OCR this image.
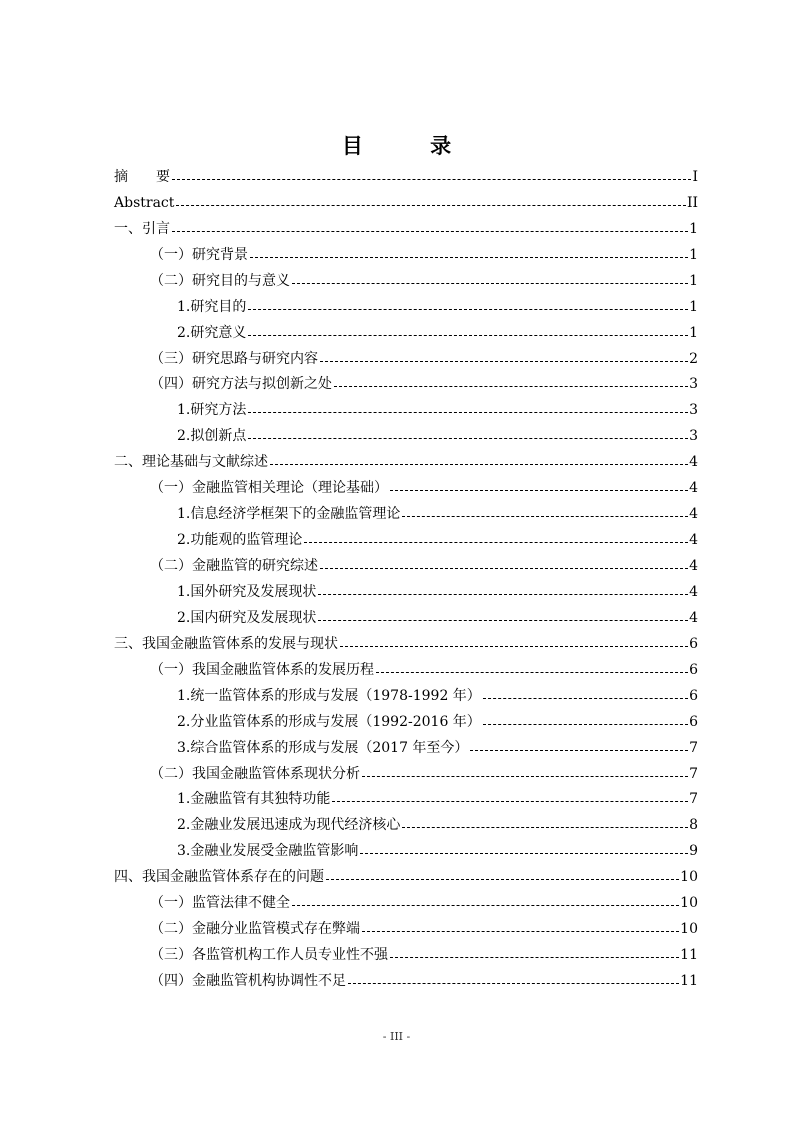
目 录
摘　　要	I
Abstract	II
一、引言	1
（一）研究背景	1
（二）研究目的与意义	1
1.研究目的	1
2.研究意义	1
（三）研究思路与研究内容	2
（四）研究方法与拟创新之处	3
1.研究方法	3
2.拟创新点	3
二、理论基础与文献综述	4
（一）金融监管相关理论（理论基础）	4
1.信息经济学框架下的金融监管理论	4
2.功能观的监管理论	4
（二）金融监管的研究综述	4
1.国外研究及发展现状	4
2.国内研究及发展现状	4
三、我国金融监管体系的发展与现状	6
（一）我国金融监管体系的发展历程	6
1.统一监管体系的形成与发展（1978-1992 年）	6
2.分业监管体系的形成与发展（1992-2016 年）	6
3.综合监管体系的形成与发展（2017 年至今）	7
（二）我国金融监管体系现状分析	7
1.金融监管有其独特功能	7
2.金融业发展迅速成为现代经济核心	8
3.金融业发展受金融监管影响	9
四、我国金融监管体系存在的问题	10
（一）监管法律不健全	10
（二）金融分业监管模式存在弊端	10
（三）各监管机构工作人员专业性不强	11
（四）金融监管机构协调性不足	11
- III -
